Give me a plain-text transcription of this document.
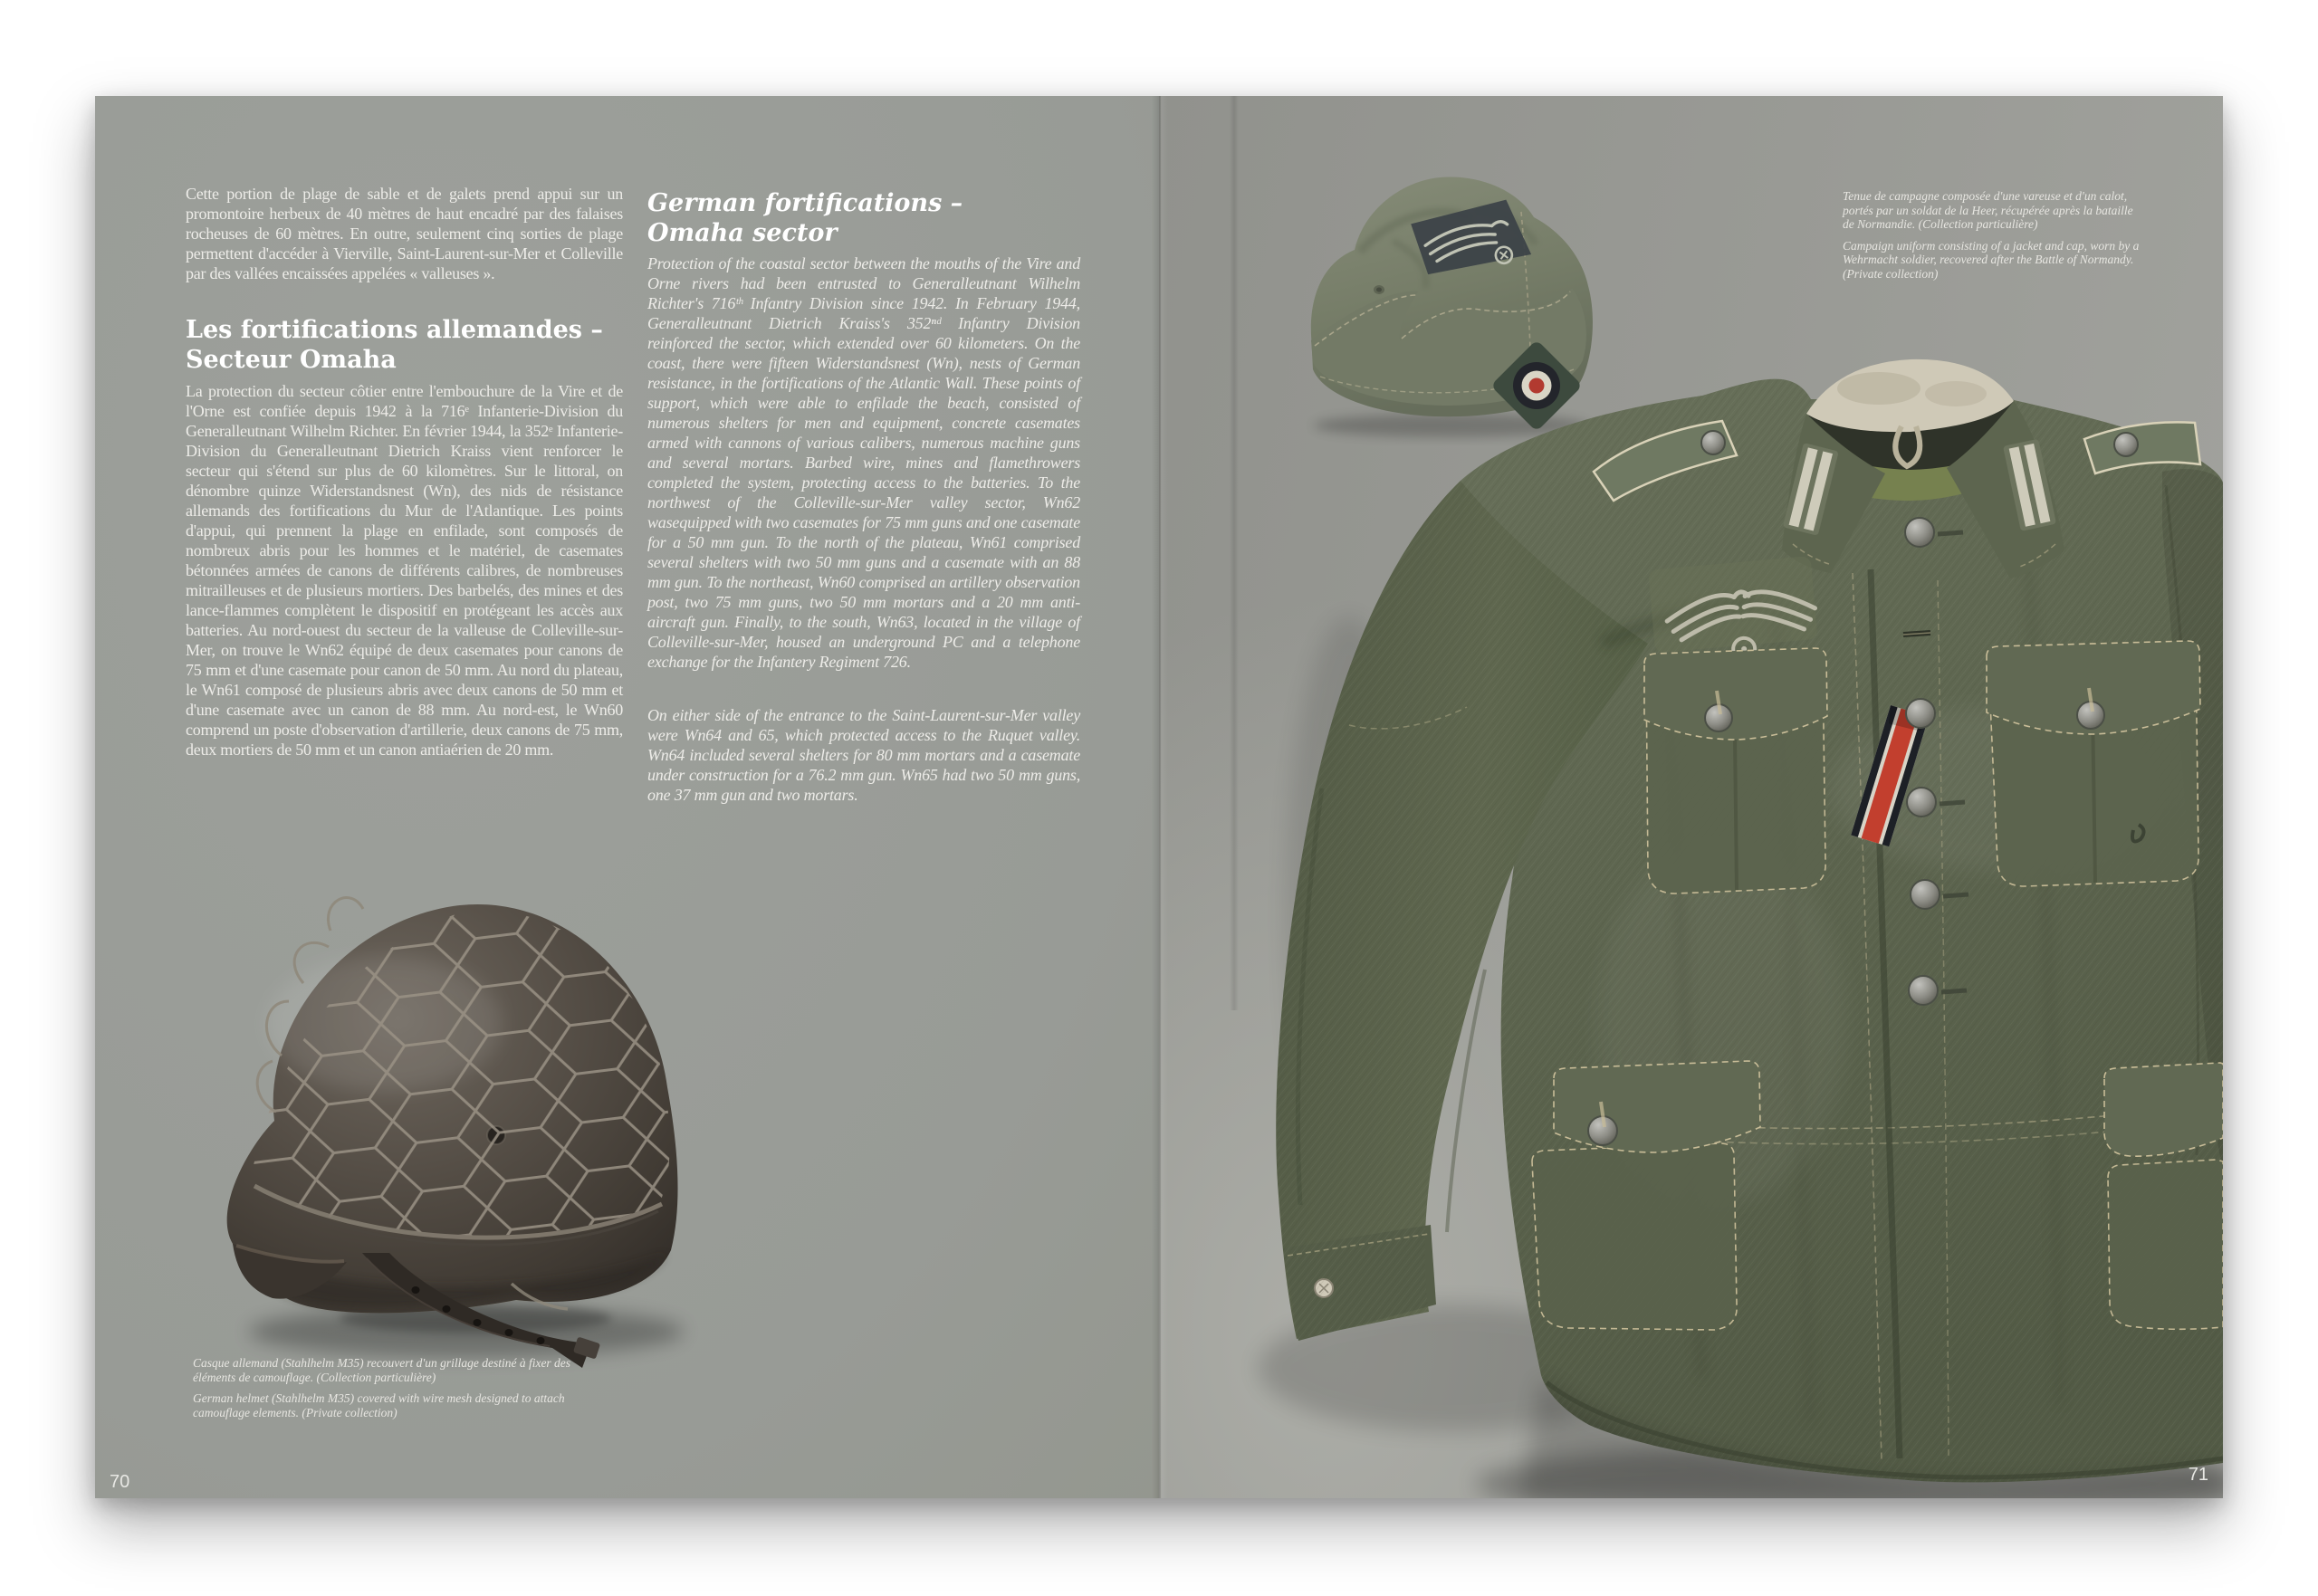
Cette portion de plage de sable et de galets prend appui sur un promontoire herbeux de 40 mètres de haut encadré par des falaises rocheuses de 60 mètres. En outre, seulement cinq sorties de plage permettent d'accéder à Vierville, Saint-Laurent-sur-Mer et Colleville par des vallées encaissées appelées « valleuses ».
Les fortifications allemandes –
Secteur Omaha
La protection du secteur côtier entre l'embouchure de la Vire et de l'Orne est confiée depuis 1942 à la 716ᵉ Infanterie-Division du Generalleutnant Wilhelm Richter. En février 1944, la 352ᵉ Infanterie-Division du Generalleutnant Dietrich Kraiss vient renforcer le secteur qui s'étend sur plus de 60 kilomètres. Sur le littoral, on dénombre quinze Widerstandsnest (Wn), des nids de résistance allemands des fortifications du Mur de l'Atlantique. Les points d'appui, qui prennent la plage en enfilade, sont composés de nombreux abris pour les hommes et le matériel, de casemates bétonnées armées de canons de différents calibres, de nombreuses mitrailleuses et de plusieurs mortiers. Des barbelés, des mines et des lance-flammes complètent le dispositif en protégeant les accès aux batteries. Au nord-ouest du secteur de la valleuse de Colleville-sur-Mer, on trouve le Wn62 équipé de deux casemates pour canons de 75 mm et d'une casemate pour canon de 50 mm. Au nord du plateau, le Wn61 composé de plusieurs abris avec deux canons de 50 mm et d'une casemate avec un canon de 88 mm. Au nord-est, le Wn60 comprend un poste d'observation d'artillerie, deux canons de 75 mm, deux mortiers de 50 mm et un canon antiaérien de 20 mm.
German fortifications –
Omaha sector
Protection of the coastal sector between the mouths of the Vire and Orne rivers had been entrusted to Generalleutnant Wilhelm Richter's 716ᵗʰ Infantry Division since 1942. In February 1944, Generalleutnant Dietrich Kraiss's 352ⁿᵈ Infantry Division reinforced the sector, which extended over 60 kilometers. On the coast, there were fifteen Widerstandsnest (Wn), nests of German resistance, in the fortifications of the Atlantic Wall. These points of support, which were able to enfilade the beach, consisted of numerous shelters for men and equipment, concrete casemates armed with cannons of various calibers, numerous machine guns and several mortars. Barbed wire, mines and flamethrowers completed the system, protecting access to the batteries. To the northwest of the Colleville-sur-Mer valley sector, Wn62 wasequipped with two casemates for 75 mm guns and one casemate for a 50 mm gun. To the north of the plateau, Wn61 comprised several shelters with two 50 mm guns and a casemate with an 88 mm gun. To the northeast, Wn60 comprised an artillery observation post, two 75 mm guns, two 50 mm mortars and a 20 mm anti-aircraft gun. Finally, to the south, Wn63, located in the village of Colleville-sur-Mer, housed an underground PC and a telephone exchange for the Infantery Regiment 726.
On either side of the entrance to the Saint-Laurent-sur-Mer valley were Wn64 and 65, which protected access to the Ruquet valley. Wn64 included several shelters for 80 mm mortars and a casemate under construction for a 76.2 mm gun. Wn65 had two 50 mm guns, one 37 mm gun and two mortars.

Casque allemand (Stahlhelm M35) recouvert d'un grillage destiné à fixer des éléments de camouflage. (Collection particulière)

German helmet (Stahlhelm M35) covered with wire mesh designed to attach camouflage elements. (Private collection)

70

Tenue de campagne composée d'une vareuse et d'un calot, portés par un soldat de la Heer, récupérée après la bataille de Normandie. (Collection particulière)

Campaign uniform consisting of a jacket and cap, worn by a Wehrmacht soldier, recovered after the Battle of Normandy. (Private collection)

71
